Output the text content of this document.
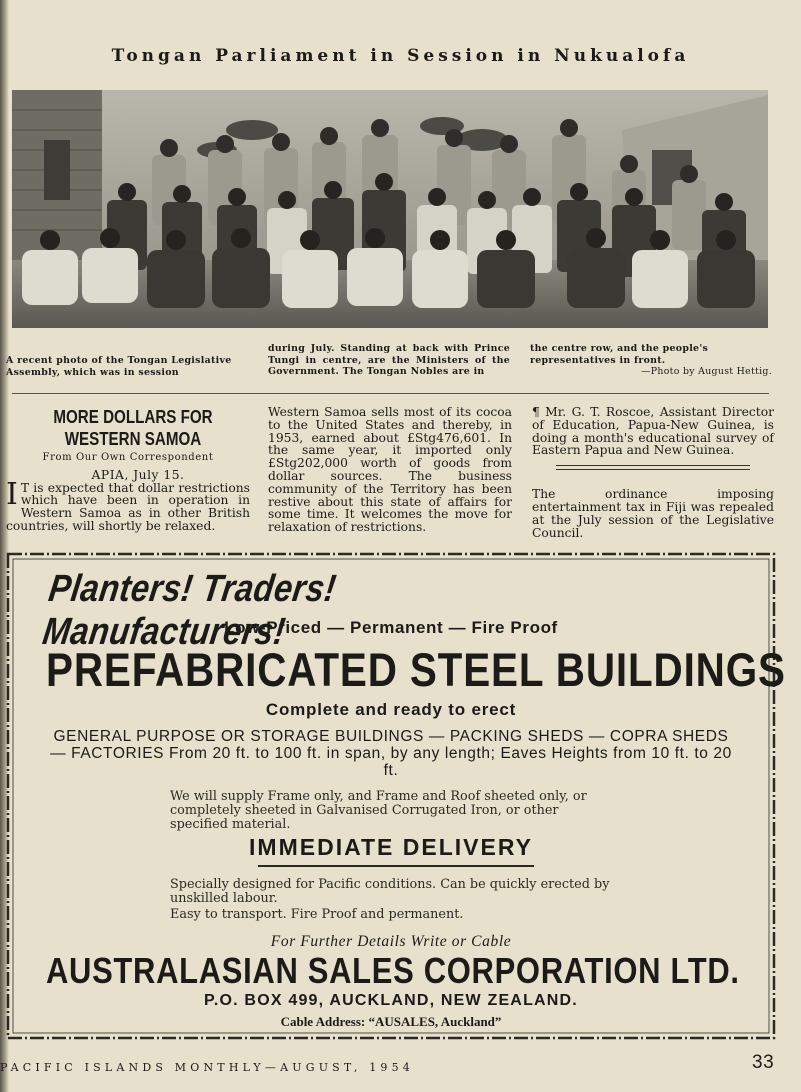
Tongan Parliament in Session in Nukualofa
A recent photo of the Tongan Legislative Assembly, which was in session
during July. Standing at back with Prince Tungi in centre, are the Ministers of the Government. The Tongan Nobles are in
the centre row, and the people's representatives in front.
—Photo by August Hettig.
MORE DOLLARS FOR WESTERN SAMOA
From Our Own Correspondent
APIA, July 15.
I T is expected that dollar restrictions which have been in operation in Western Samoa as in other British countries, will shortly be relaxed.
Western Samoa sells most of its cocoa to the United States and thereby, in 1953, earned about £Stg476,601. In the same year, it imported only £Stg202,000 worth of goods from dollar sources. The business community of the Territory has been restive about this state of affairs for some time. It welcomes the move for relaxation of restrictions.
¶ Mr. G. T. Roscoe, Assistant Director of Education, Papua-New Guinea, is doing a month's educational survey of Eastern Papua and New Guinea.
The ordinance imposing entertainment tax in Fiji was repealed at the July session of the Legislative Council.
Planters! Traders! Manufacturers!
Low-Priced — Permanent — Fire Proof
PREFABRICATED STEEL BUILDINGS
Complete and ready to erect
GENERAL PURPOSE OR STORAGE BUILDINGS — PACKING SHEDS — COPRA SHEDS — FACTORIES From 20 ft. to 100 ft. in span, by any length; Eaves Heights from 10 ft. to 20 ft.
We will supply Frame only, and Frame and Roof sheeted only, or completely sheeted in Galvanised Corrugated Iron, or other specified material.
IMMEDIATE DELIVERY
Specially designed for Pacific conditions. Can be quickly erected by unskilled labour.
Easy to transport. Fire Proof and permanent.
For Further Details Write or Cable
AUSTRALASIAN SALES CORPORATION LTD.
P.O. BOX 499, AUCKLAND, NEW ZEALAND.
Cable Address: “AUSALES, Auckland”
PACIFIC ISLANDS MONTHLY—AUGUST, 1954	33
